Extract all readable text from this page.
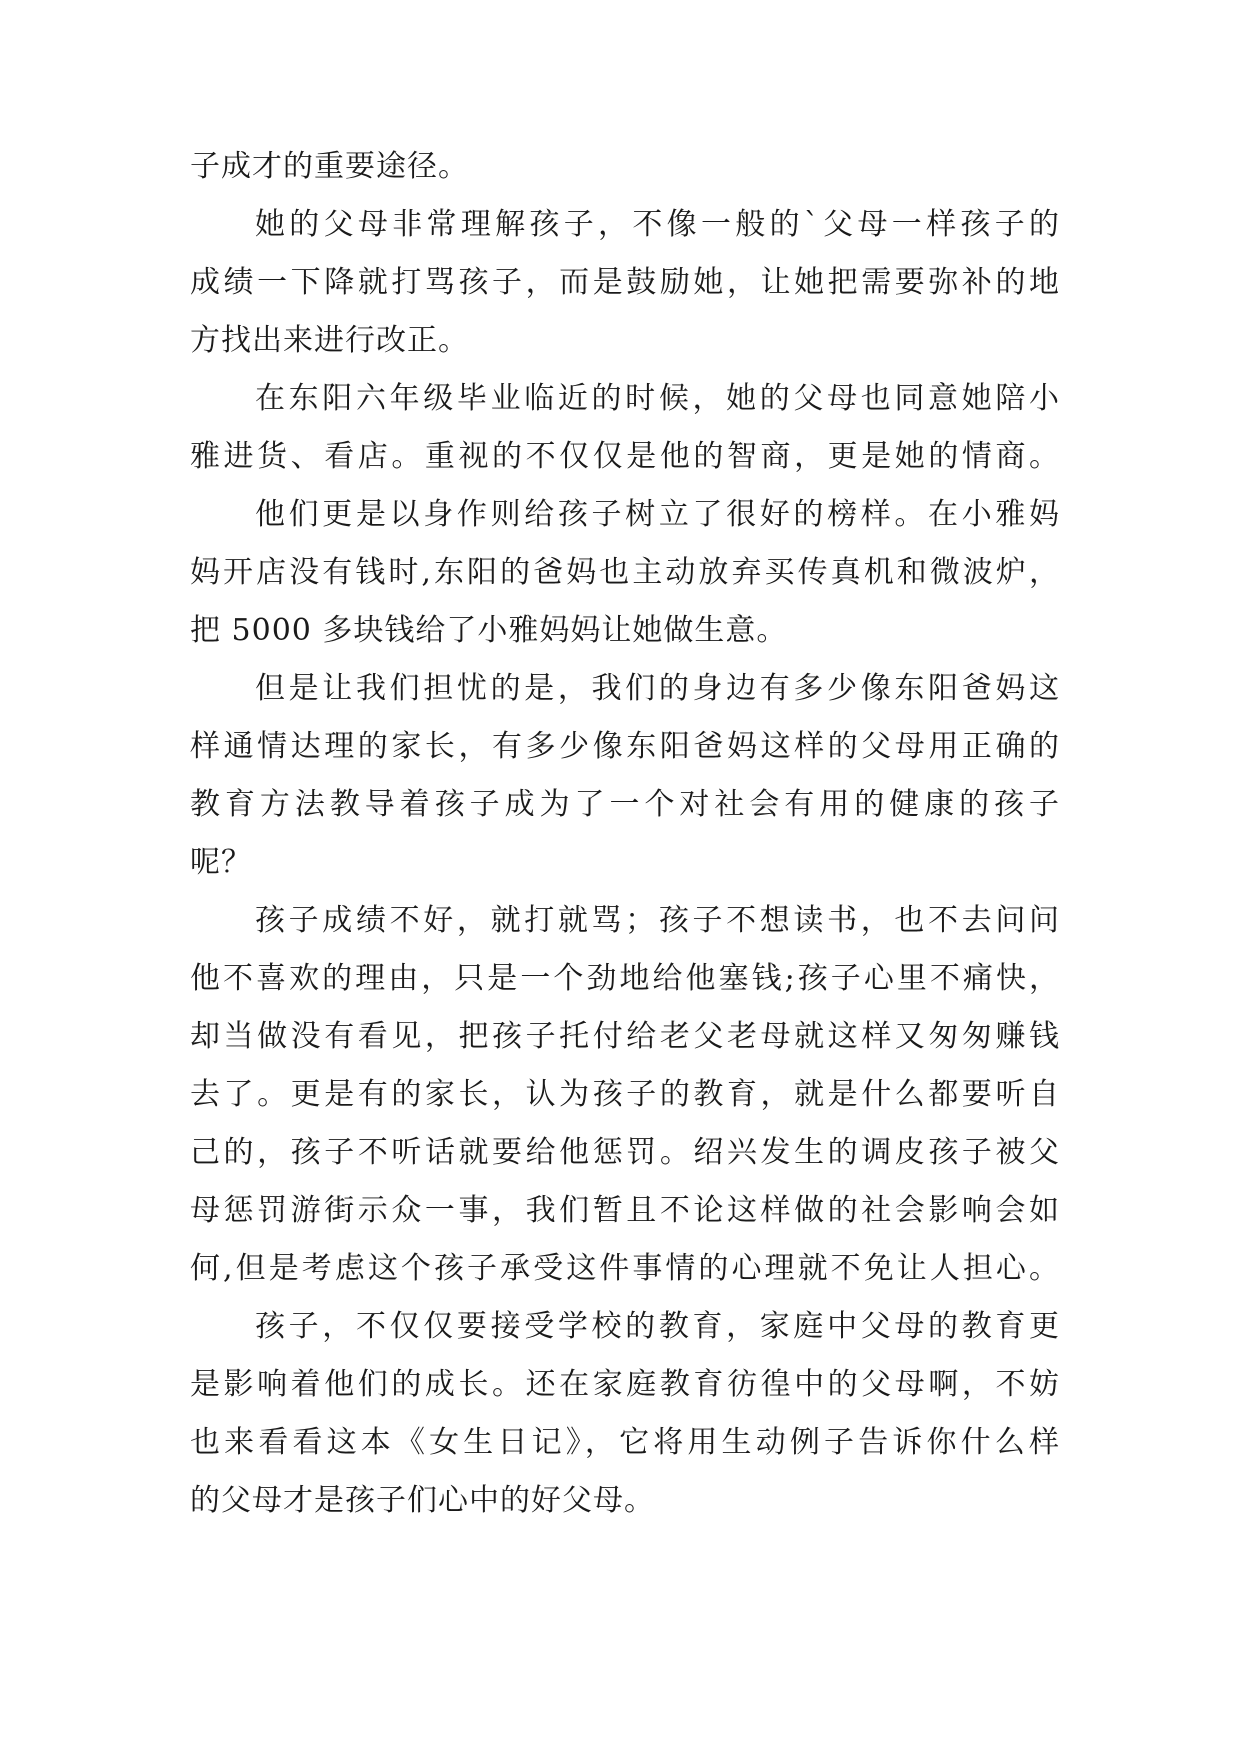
子成才的重要途径。
她的父母非常理解孩子，不像一般的`父母一样孩子的
成绩一下降就打骂孩子，而是鼓励她，让她把需要弥补的地
方找出来进行改正。
在东阳六年级毕业临近的时候，她的父母也同意她陪小
雅进货、看店。重视的不仅仅是他的智商，更是她的情商。
他们更是以身作则给孩子树立了很好的榜样。在小雅妈
妈开店没有钱时,东阳的爸妈也主动放弃买传真机和微波炉，
把 5000 多块钱给了小雅妈妈让她做生意。
但是让我们担忧的是，我们的身边有多少像东阳爸妈这
样通情达理的家长，有多少像东阳爸妈这样的父母用正确的
教育方法教导着孩子成为了一个对社会有用的健康的孩子
呢？
孩子成绩不好，就打就骂；孩子不想读书，也不去问问
他不喜欢的理由，只是一个劲地给他塞钱;孩子心里不痛快，
却当做没有看见，把孩子托付给老父老母就这样又匆匆赚钱
去了。更是有的家长，认为孩子的教育，就是什么都要听自
己的，孩子不听话就要给他惩罚。绍兴发生的调皮孩子被父
母惩罚游街示众一事，我们暂且不论这样做的社会影响会如
何,但是考虑这个孩子承受这件事情的心理就不免让人担心。
孩子，不仅仅要接受学校的教育，家庭中父母的教育更
是影响着他们的成长。还在家庭教育彷徨中的父母啊，不妨
也来看看这本《女生日记》，它将用生动例子告诉你什么样
的父母才是孩子们心中的好父母。
